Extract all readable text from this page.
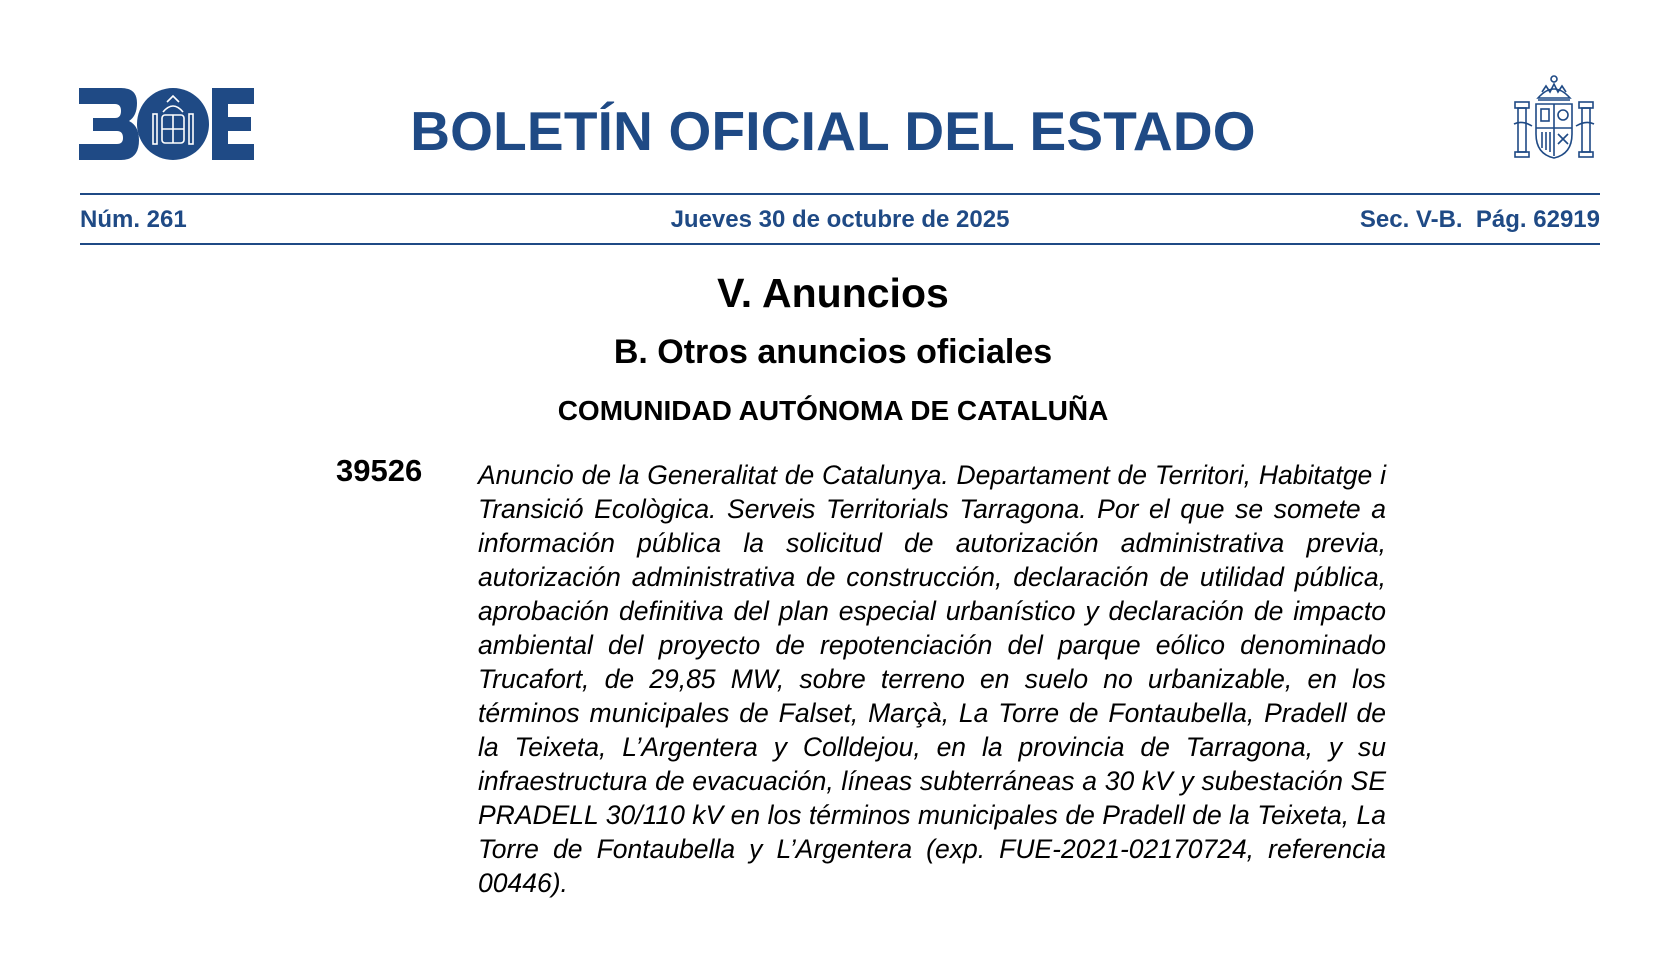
BOLETÍN OFICIAL DEL ESTADO
Núm. 261	Jueves 30 de octubre de 2025	Sec. V-B.  Pág. 62919
V. Anuncios
B. Otros anuncios oficiales
COMUNIDAD AUTÓNOMA DE CATALUÑA
39526 Anuncio de la Generalitat de Catalunya. Departament de Territori, Habitatge i Transició Ecològica. Serveis Territorials Tarragona. Por el que se somete a información pública la solicitud de autorización administrativa previa, autorización administrativa de construcción, declaración de utilidad pública, aprobación definitiva del plan especial urbanístico y declaración de impacto ambiental del proyecto de repotenciación del parque eólico denominado Trucafort, de 29,85 MW, sobre terreno en suelo no urbanizable, en los términos municipales de Falset, Marçà, La Torre de Fontaubella, Pradell de la Teixeta, L’Argentera y Colldejou, en la provincia de Tarragona, y su infraestructura de evacuación, líneas subterráneas a 30 kV y subestación SE PRADELL 30/110 kV en los términos municipales de Pradell de la Teixeta, La Torre de Fontaubella y L’Argentera (exp. FUE-2021-02170724, referencia 00446).
